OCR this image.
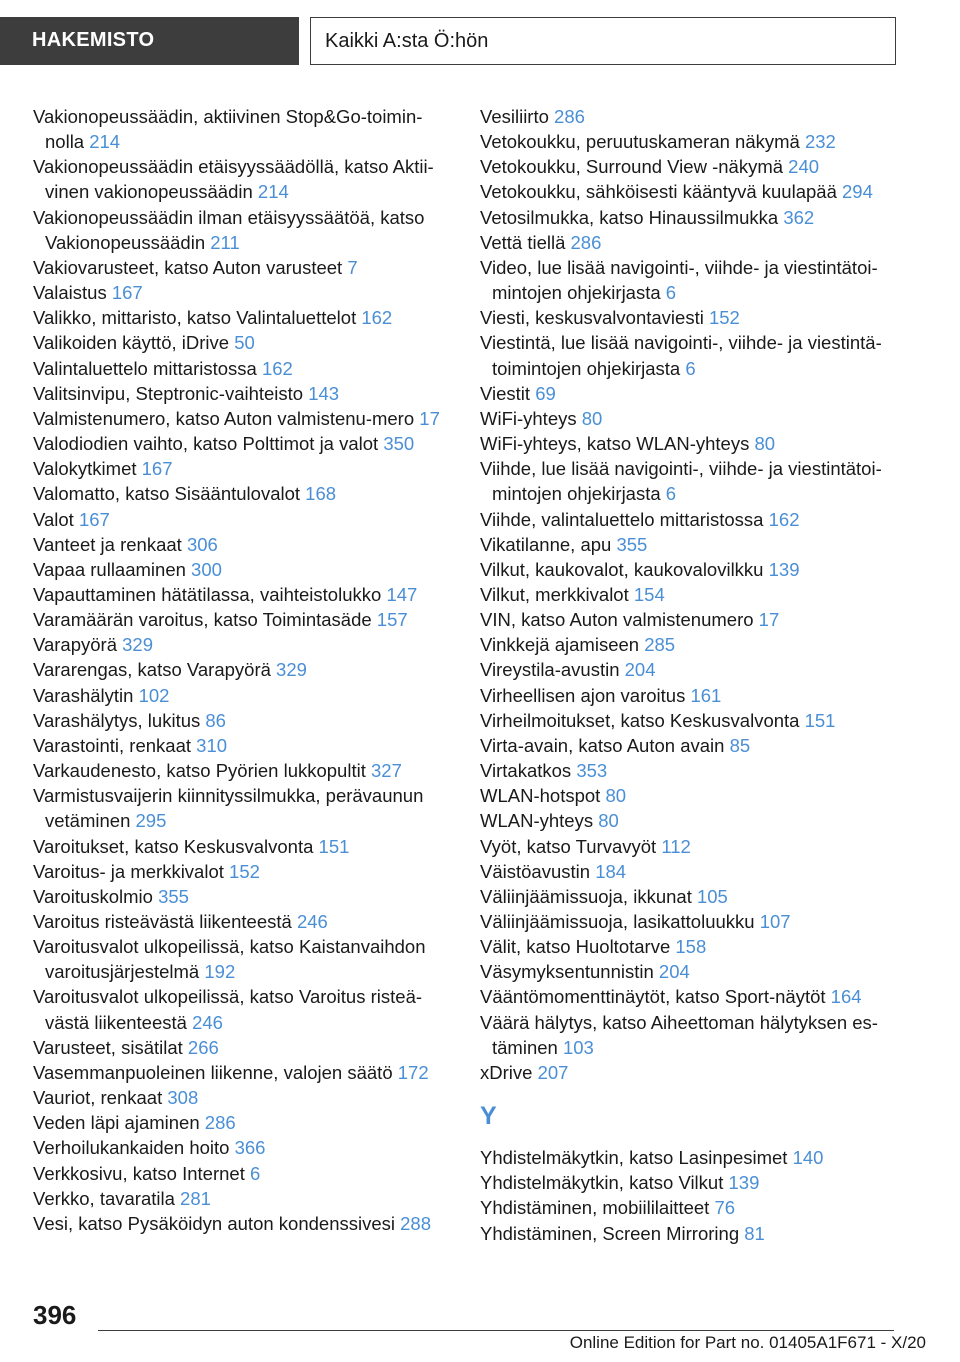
HAKEMISTO	Kaikki A:sta Ö:hön
Vakionopeussäädin, aktiivinen Stop&Go-toimin-nolla 214
Vakionopeussäädin etäisyyssäädöllä, katso Aktii-vinen vakionopeussäädin 214
Vakionopeussäädin ilman etäisyyssäätöä, katso Vakionopeussäädin 211
Vakiovarusteet, katso Auton varusteet 7
Valaistus 167
Valikko, mittaristo, katso Valintaluettelot 162
Valikoiden käyttö, iDrive 50
Valintaluettelo mittaristossa 162
Valitsinvipu, Steptronic-vaihteisto 143
Valmistenumero, katso Auton valmistenu-mero 17
Valodiodien vaihto, katso Polttimot ja valot 350
Valokytkimet 167
Valomatto, katso Sisääntulovalot 168
Valot 167
Vanteet ja renkaat 306
Vapaa rullaaminen 300
Vapauttaminen hätätilassa, vaihteistolukko 147
Varamäärän varoitus, katso Toimintasäde 157
Varapyörä 329
Vararengas, katso Varapyörä 329
Varashälytin 102
Varashälytys, lukitus 86
Varastointi, renkaat 310
Varkaudenesto, katso Pyörien lukkopultit 327
Varmistusvaijerin kiinnityssilmukka, perävaunun vetäminen 295
Varoitukset, katso Keskusvalvonta 151
Varoitus- ja merkkivalot 152
Varoituskolmio 355
Varoitus risteävästä liikenteestä 246
Varoitusvalot ulkopeilissä, katso Kaistanvaihdon varoitusjärjestelmä 192
Varoitusvalot ulkopeilissä, katso Varoitus risteä-västä liikenteestä 246
Varusteet, sisätilat 266
Vasemmanpuoleinen liikenne, valojen säätö 172
Vauriot, renkaat 308
Veden läpi ajaminen 286
Verhoilukankaiden hoito 366
Verkkosivu, katso Internet 6
Verkko, tavaratila 281
Vesi, katso Pysäköidyn auton kondenssivesi 288
Vesiliirto 286
Vetokoukku, peruutuskameran näkymä 232
Vetokoukku, Surround View -näkymä 240
Vetokoukku, sähköisesti kääntyvä kuulapää 294
Vetosilmukka, katso Hinaussilmukka 362
Vettä tiellä 286
Video, lue lisää navigointi-, viihde- ja viestintätoi-mintojen ohjekirjasta 6
Viesti, keskusvalvontaviesti 152
Viestintä, lue lisää navigointi-, viihde- ja viestintä-toimintojen ohjekirjasta 6
Viestit 69
WiFi-yhteys 80
WiFi-yhteys, katso WLAN-yhteys 80
Viihde, lue lisää navigointi-, viihde- ja viestintätoi-mintojen ohjekirjasta 6
Viihde, valintaluettelo mittaristossa 162
Vikatilanne, apu 355
Vilkut, kaukovalot, kaukovalovilkku 139
Vilkut, merkkivalot 154
VIN, katso Auton valmistenumero 17
Vinkkejä ajamiseen 285
Vireystila-avustin 204
Virheellisen ajon varoitus 161
Virheilmoitukset, katso Keskusvalvonta 151
Virta-avain, katso Auton avain 85
Virtakatkos 353
WLAN-hotspot 80
WLAN-yhteys 80
Vyöt, katso Turvavyöt 112
Väistöavustin 184
Väliinjäämissuoja, ikkunat 105
Väliinjäämissuoja, lasikattoluukku 107
Välit, katso Huoltotarve 158
Väsymyksentunnistin 204
Vääntömomenttinäytöt, katso Sport-näytöt 164
Väärä hälytys, katso Aiheettoman hälytyksen es-täminen 103
xDrive 207
Y
Yhdistelmäkytkin, katso Lasinpesimet 140
Yhdistelmäkytkin, katso Vilkut 139
Yhdistäminen, mobiililaitteet 76
Yhdistäminen, Screen Mirroring 81
396
Online Edition for Part no. 01405A1F671 - X/20
